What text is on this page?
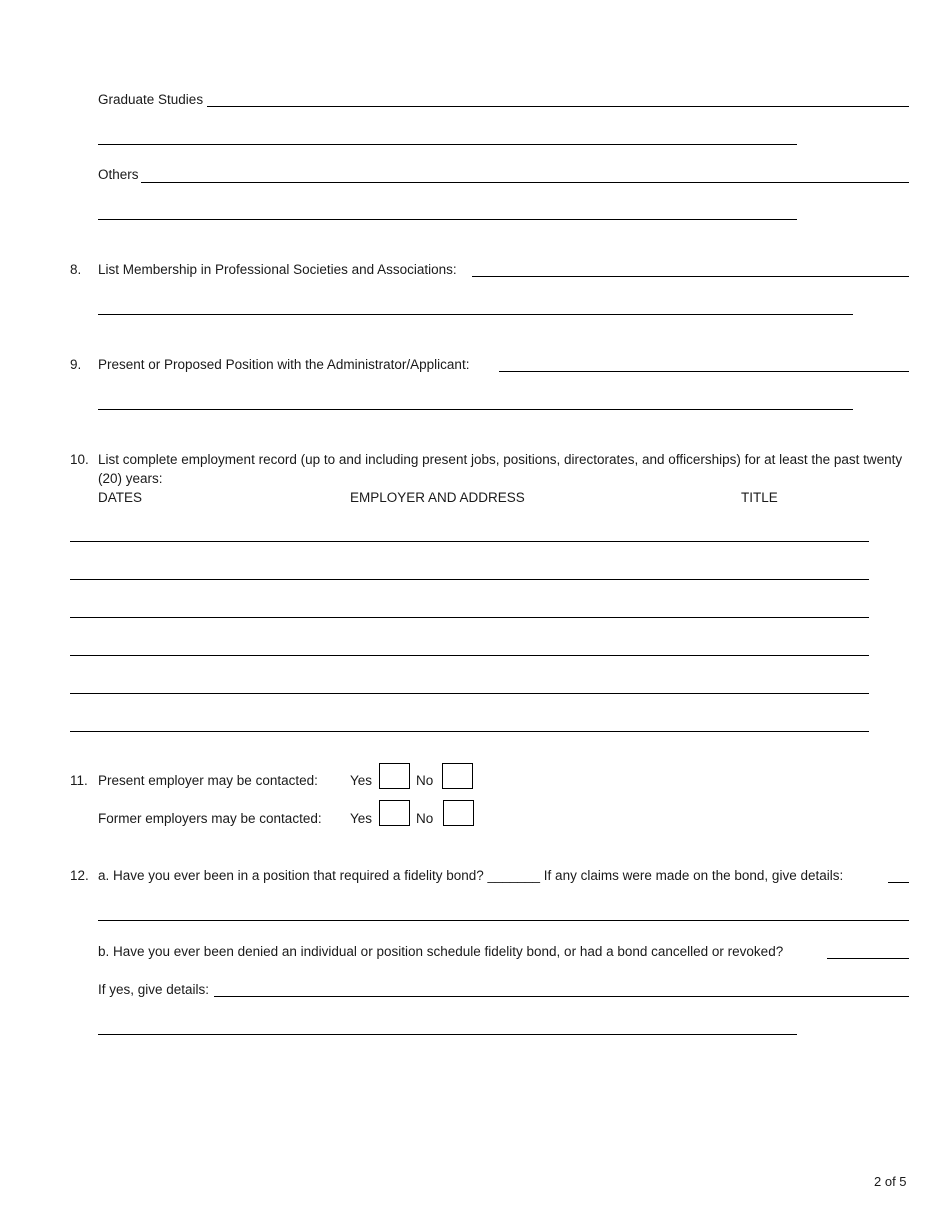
Graduate Studies
Others
8. List Membership in Professional Societies and Associations:
9. Present or Proposed Position with the Administrator/Applicant:
10. List complete employment record (up to and including present jobs, positions, directorates, and officerships) for at least the past twenty (20) years:
DATES	EMPLOYER AND ADDRESS	TITLE
11. Present employer may be contacted: Yes	No
Former employers may be contacted: Yes	No
12. a. Have you ever been in a position that required a fidelity bond? _______ If any claims were made on the bond, give details:
b. Have you ever been denied an individual or position schedule fidelity bond, or had a bond cancelled or revoked?
If yes, give details:
2 of 5
